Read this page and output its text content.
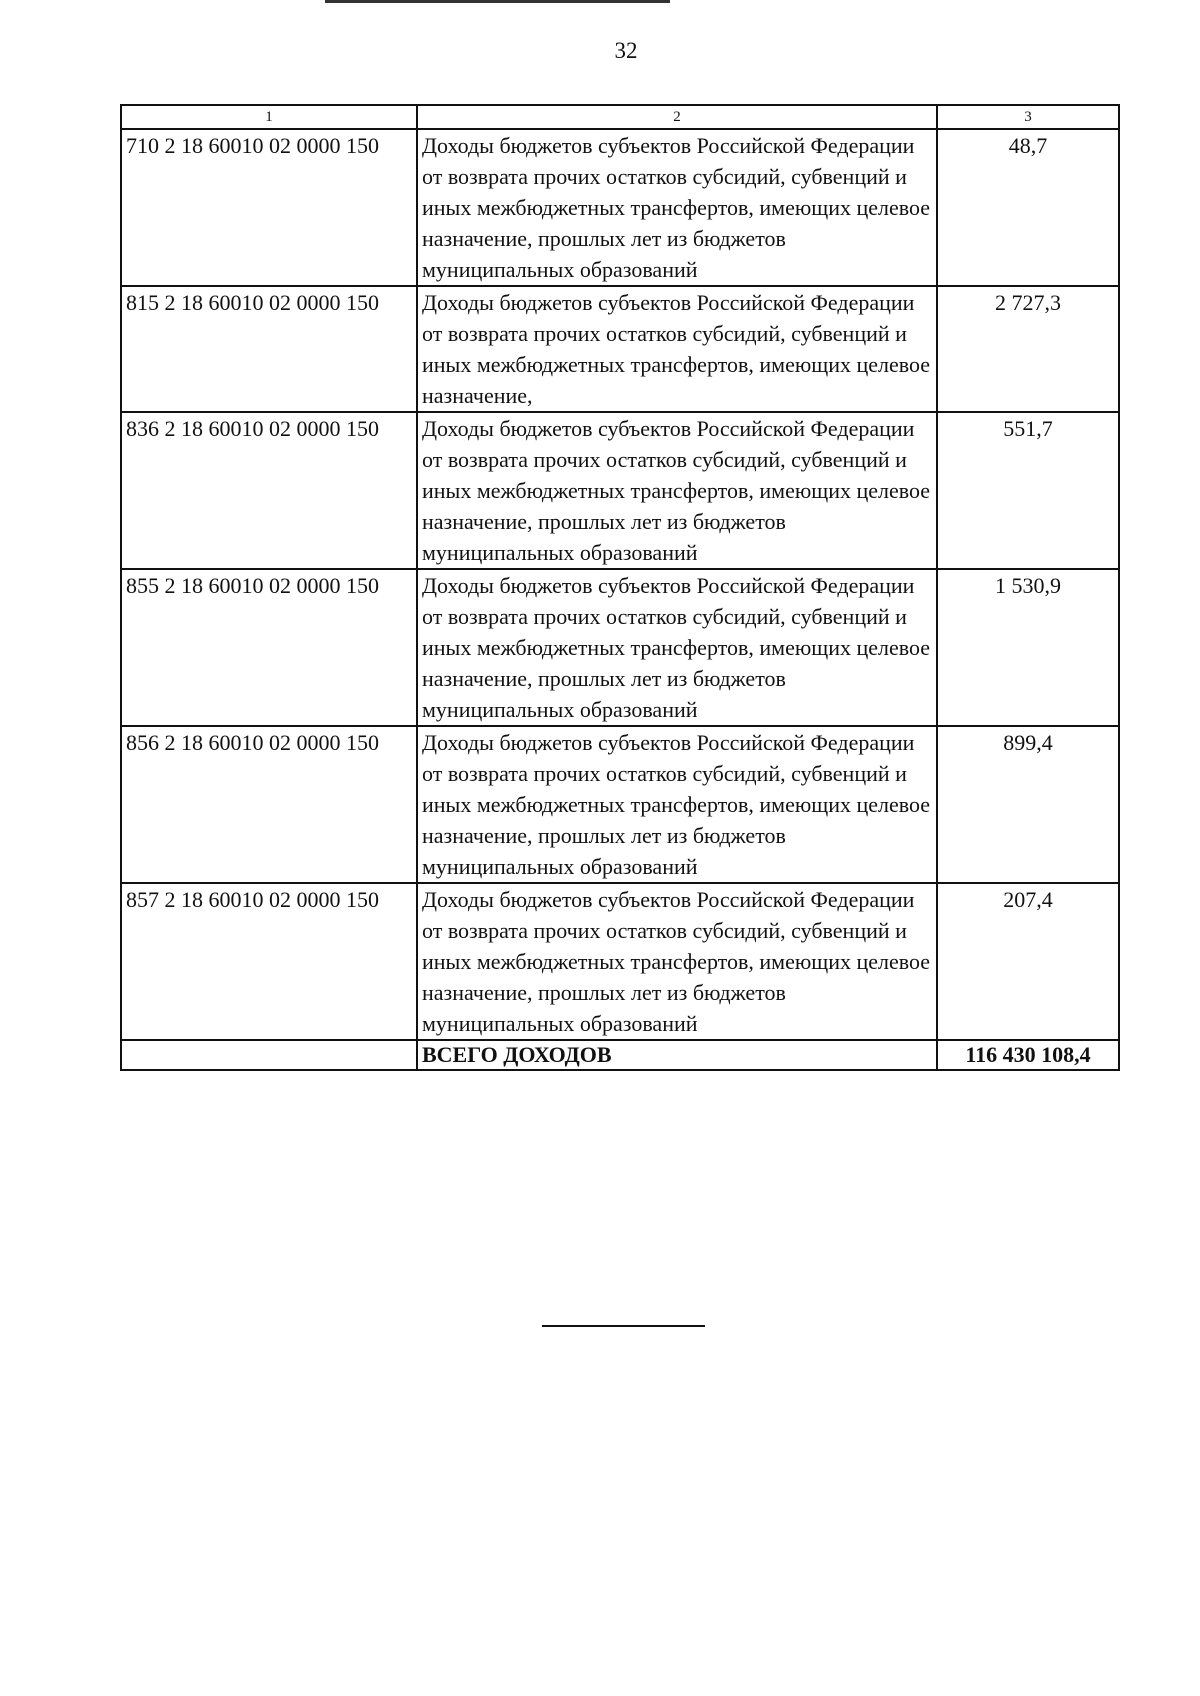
32
1	2	3
710 2 18 60010 02 0000 150	Доходы бюджетов субъектов Российской Федерации от возврата прочих остатков субсидий, субвенций и иных межбюджетных трансфертов, имеющих целевое назначение, прошлых лет из бюджетов муниципальных образований	48,7
815 2 18 60010 02 0000 150	Доходы бюджетов субъектов Российской Федерации от возврата прочих остатков субсидий, субвенций и иных межбюджетных трансфертов, имеющих целевое назначение,	2 727,3
836 2 18 60010 02 0000 150	Доходы бюджетов субъектов Российской Федерации от возврата прочих остатков субсидий, субвенций и иных межбюджетных трансфертов, имеющих целевое назначение, прошлых лет из бюджетов муниципальных образований	551,7
855 2 18 60010 02 0000 150	Доходы бюджетов субъектов Российской Федерации от возврата прочих остатков субсидий, субвенций и иных межбюджетных трансфертов, имеющих целевое назначение, прошлых лет из бюджетов муниципальных образований	1 530,9
856 2 18 60010 02 0000 150	Доходы бюджетов субъектов Российской Федерации от возврата прочих остатков субсидий, субвенций и иных межбюджетных трансфертов, имеющих целевое назначение, прошлых лет из бюджетов муниципальных образований	899,4
857 2 18 60010 02 0000 150	Доходы бюджетов субъектов Российской Федерации от возврата прочих остатков субсидий, субвенций и иных межбюджетных трансфертов, имеющих целевое назначение, прошлых лет из бюджетов муниципальных образований	207,4
	ВСЕГО ДОХОДОВ	116 430 108,4
